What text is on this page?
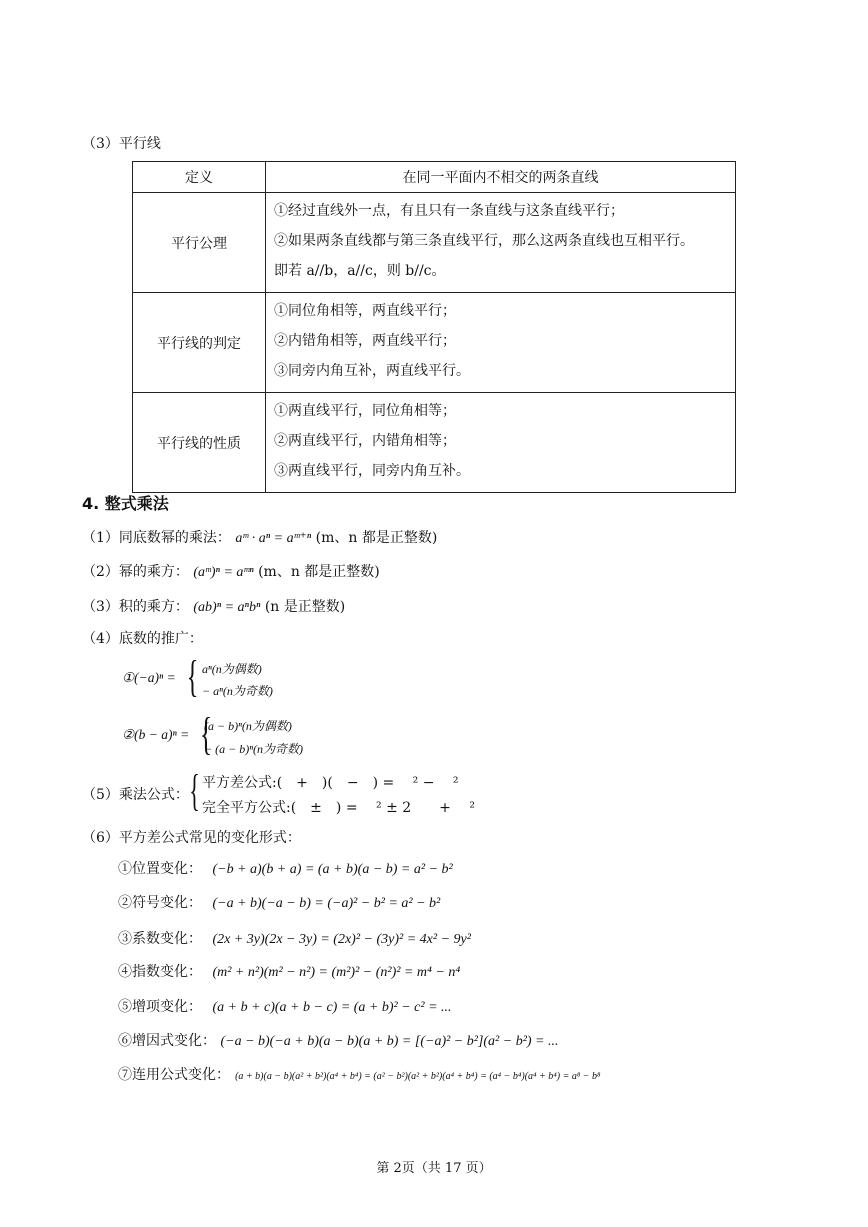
（3）平行线
定义	在同一平面内不相交的两条直线
平行公理	①经过直线外一点，有且只有一条直线与这条直线平行；
②如果两条直线都与第三条直线平行，那么这两条直线也互相平行。
即若 a//b，a//c，则 b//c。

平行线的判定	①同位角相等，两直线平行；
②内错角相等，两直线平行；
③同旁内角互补，两直线平行。

平行线的性质	①两直线平行，同位角相等；
②两直线平行，内错角相等；
③两直线平行，同旁内角互补。
4. 整式乘法
（1）同底数幂的乘法： aᵐ · aⁿ = aᵐ⁺ⁿ (m、n 都是正整数)
（2）幂的乘方： (aᵐ)ⁿ = aᵐⁿ (m、n 都是正整数)
（3）积的乘方： (ab)ⁿ = aⁿbⁿ (n 是正整数)
（4）底数的推广：
①(−a)ⁿ = { aⁿ(n为偶数)
− aⁿ(n为奇数)
②(b − a)ⁿ = {
(a − b)ⁿ(n为偶数)
− (a − b)ⁿ(n为奇数)
（5）乘法公式： { 平方差公式:(　+　)(　−　) = 　² − 　²
完全平方公式:(　±　) = 　² ± 2　　+ 　²
（6）平方差公式常见的变化形式：
①位置变化： (−b + a)(b + a) = (a + b)(a − b) = a² − b²
②符号变化： (−a + b)(−a − b) = (−a)² − b² = a² − b²
③系数变化： (2x + 3y)(2x − 3y) = (2x)² − (3y)² = 4x² − 9y²
④指数变化： (m² + n²)(m² − n²) = (m²)² − (n²)² = m⁴ − n⁴
⑤增项变化： (a + b + c)(a + b − c) = (a + b)² − c² = ...
⑥增因式变化： (−a − b)(−a + b)(a − b)(a + b) = [(−a)² − b²](a² − b²) = ...
⑦连用公式变化： (a + b)(a − b)(a² + b²)(a⁴ + b⁴) = (a² − b²)(a² + b²)(a⁴ + b⁴) = (a⁴ − b⁴)(a⁴ + b⁴) = a⁸ − b⁸
第 2页（共 17 页）
